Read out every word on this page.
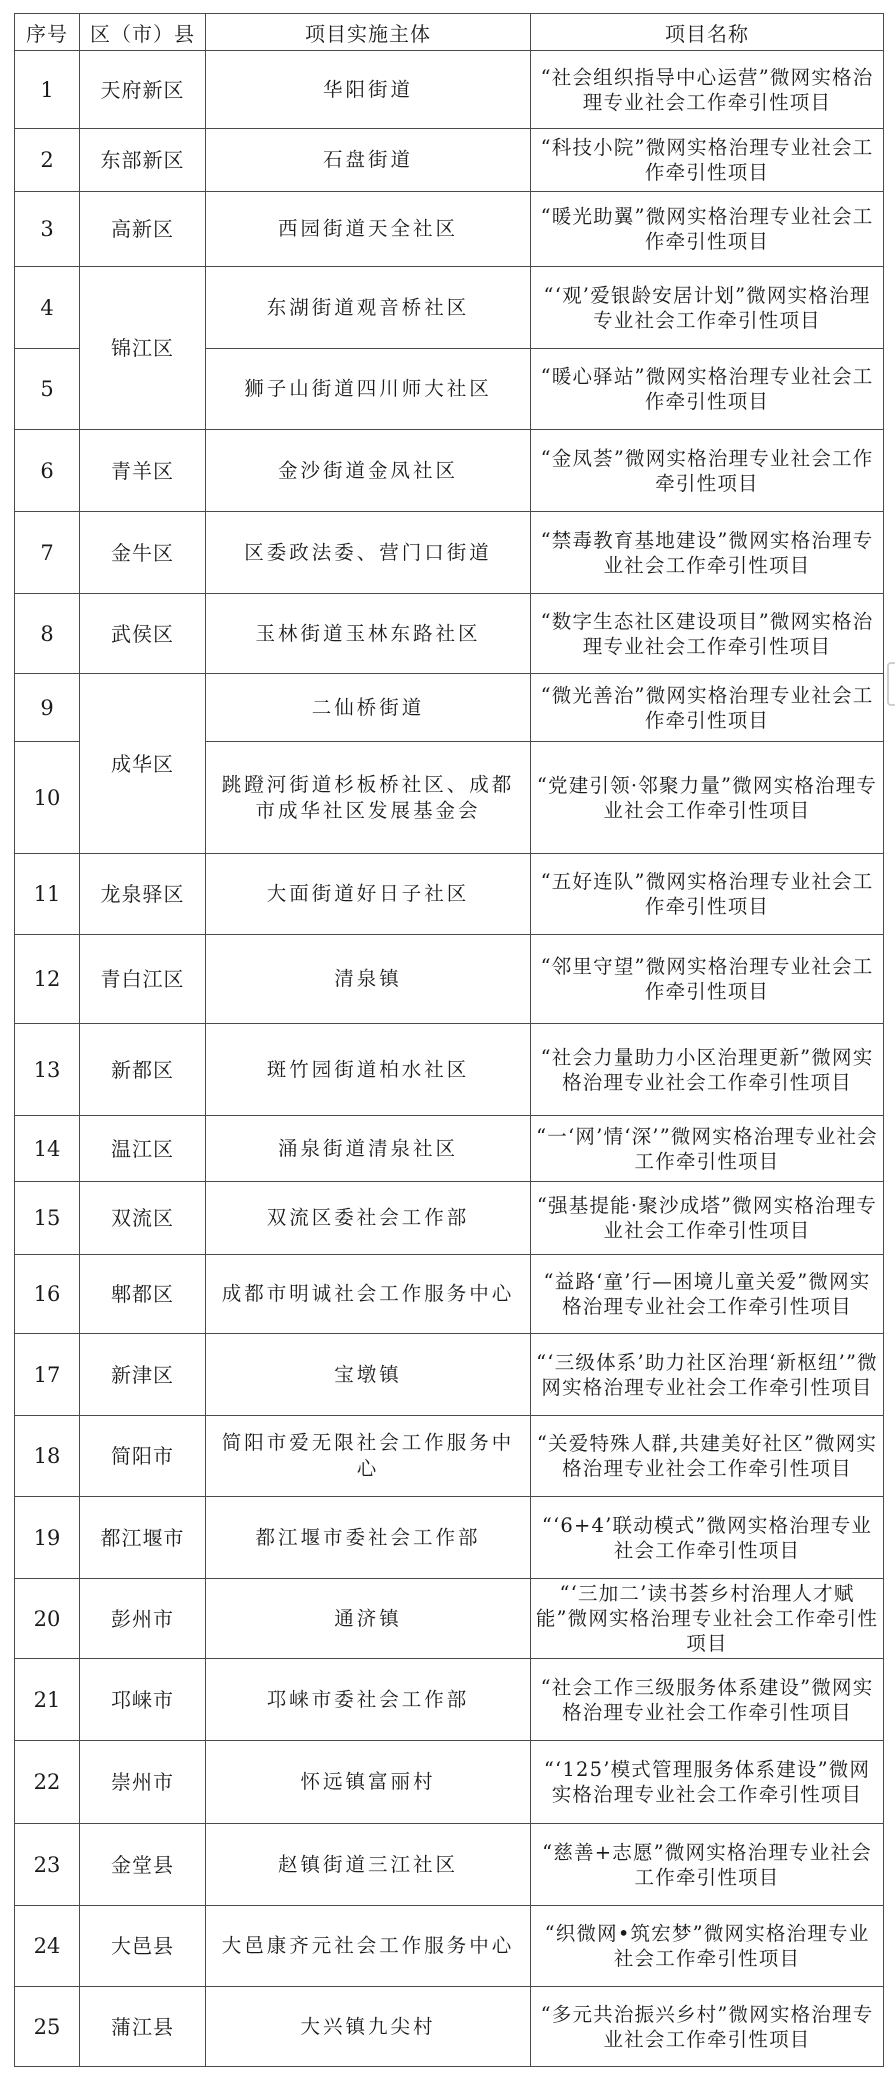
序号	区（市）县	项目实施主体	项目名称
1	天府新区	华阳街道	“社会组织指导中心运营”微网实格治理专业社会工作牵引性项目
2	东部新区	石盘街道	“科技小院”微网实格治理专业社会工作牵引性项目
3	高新区	西园街道天全社区	“暖光助翼”微网实格治理专业社会工作牵引性项目
4	锦江区	东湖街道观音桥社区	“‘观’爱银龄安居计划”微网实格治理专业社会工作牵引性项目
5		狮子山街道四川师大社区	“暖心驿站”微网实格治理专业社会工作牵引性项目
6	青羊区	金沙街道金凤社区	“金凤荟”微网实格治理专业社会工作牵引性项目
7	金牛区	区委政法委、营门口街道	“禁毒教育基地建设”微网实格治理专业社会工作牵引性项目
8	武侯区	玉林街道玉林东路社区	“数字生态社区建设项目”微网实格治理专业社会工作牵引性项目
9	成华区	二仙桥街道	“微光善治”微网实格治理专业社会工作牵引性项目
10		跳蹬河街道杉板桥社区、成都市成华社区发展基金会	“党建引领·邻聚力量”微网实格治理专业社会工作牵引性项目
11	龙泉驿区	大面街道好日子社区	“五好连队”微网实格治理专业社会工作牵引性项目
12	青白江区	清泉镇	“邻里守望”微网实格治理专业社会工作牵引性项目
13	新都区	斑竹园街道柏水社区	“社会力量助力小区治理更新”微网实格治理专业社会工作牵引性项目
14	温江区	涌泉街道清泉社区	“一‘网’情‘深’”微网实格治理专业社会工作牵引性项目
15	双流区	双流区委社会工作部	“强基提能·聚沙成塔”微网实格治理专业社会工作牵引性项目
16	郫都区	成都市明诚社会工作服务中心	“益路‘童’行—困境儿童关爱”微网实格治理专业社会工作牵引性项目
17	新津区	宝墩镇	“‘三级体系’助力社区治理‘新枢纽’”微网实格治理专业社会工作牵引性项目
18	简阳市	简阳市爱无限社会工作服务中心	“关爱特殊人群,共建美好社区”微网实格治理专业社会工作牵引性项目
19	都江堰市	都江堰市委社会工作部	“‘6+4’联动模式”微网实格治理专业社会工作牵引性项目
20	彭州市	通济镇	“‘三加二’读书荟乡村治理人才赋能”微网实格治理专业社会工作牵引性项目
21	邛崃市	邛崃市委社会工作部	“社会工作三级服务体系建设”微网实格治理专业社会工作牵引性项目
22	崇州市	怀远镇富丽村	“‘125’模式管理服务体系建设”微网实格治理专业社会工作牵引性项目
23	金堂县	赵镇街道三江社区	“慈善+志愿”微网实格治理专业社会工作牵引性项目
24	大邑县	大邑康齐元社会工作服务中心	“织微网•筑宏梦”微网实格治理专业社会工作牵引性项目
25	蒲江县	大兴镇九尖村	“多元共治振兴乡村”微网实格治理专业社会工作牵引性项目
